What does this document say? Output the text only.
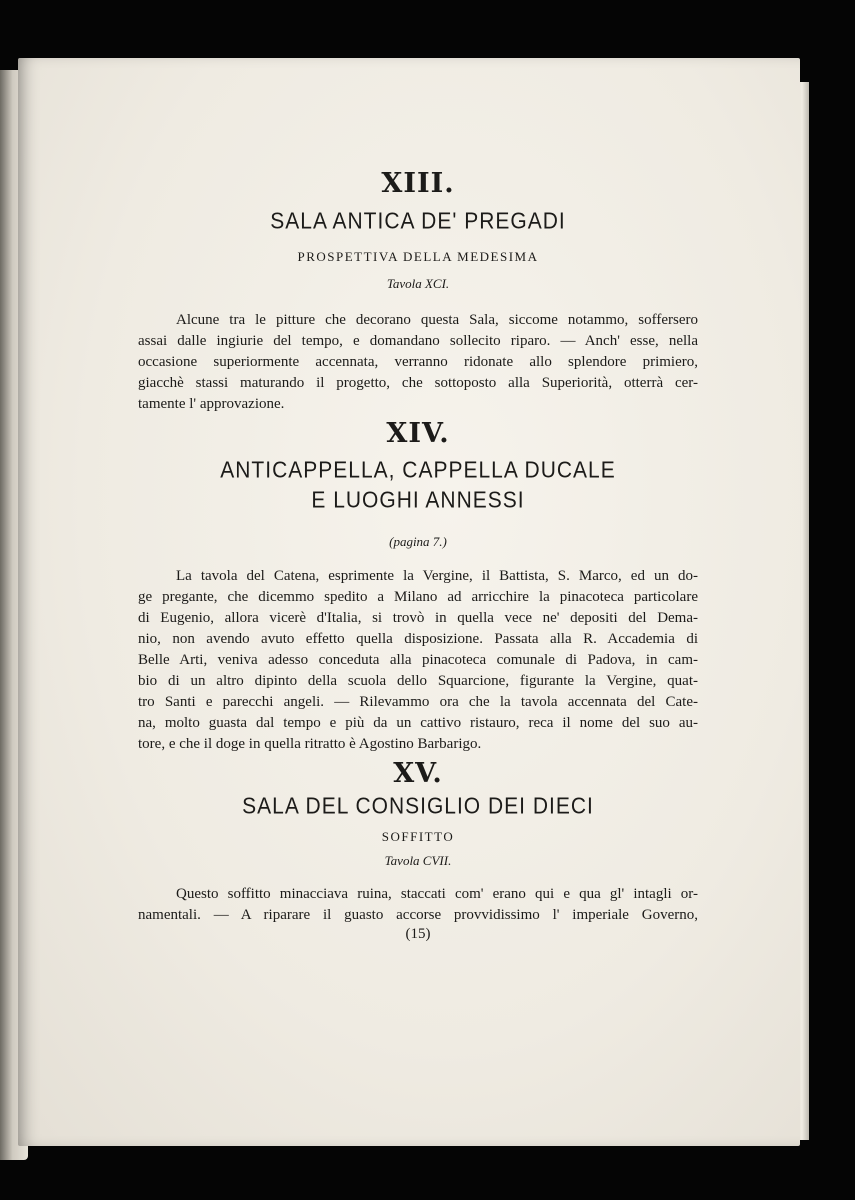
XIII.
SALA ANTICA DE' PREGADI
PROSPETTIVA DELLA MEDESIMA
Tavola XCI.
Alcune tra le pitture che decorano questa Sala, siccome notammo, soffersero
assai dalle ingiurie del tempo, e domandano sollecito riparo. — Anch' esse, nella
occasione superiormente accennata, verranno ridonate allo splendore primiero,
giacchè stassi maturando il progetto, che sottoposto alla Superiorità, otterrà cer-
tamente l' approvazione.
XIV.
ANTICAPPELLA, CAPPELLA DUCALE
E LUOGHI ANNESSI
(pagina 7.)
La tavola del Catena, esprimente la Vergine, il Battista, S. Marco, ed un do-
ge pregante, che dicemmo spedito a Milano ad arricchire la pinacoteca particolare
di Eugenio, allora vicerè d'Italia, si trovò in quella vece ne' depositi del Dema-
nio, non avendo avuto effetto quella disposizione. Passata alla R. Accademia di
Belle Arti, veniva adesso conceduta alla pinacoteca comunale di Padova, in cam-
bio di un altro dipinto della scuola dello Squarcione, figurante la Vergine, quat-
tro Santi e parecchi angeli. — Rilevammo ora che la tavola accennata del Cate-
na, molto guasta dal tempo e più da un cattivo ristauro, reca il nome del suo au-
tore, e che il doge in quella ritratto è Agostino Barbarigo.
XV.
SALA DEL CONSIGLIO DEI DIECI
SOFFITTO
Tavola CVII.
Questo soffitto minacciava ruina, staccati com' erano qui e qua gl' intagli or-
namentali. — A riparare il guasto accorse provvidissimo l' imperiale Governo,
(15)
